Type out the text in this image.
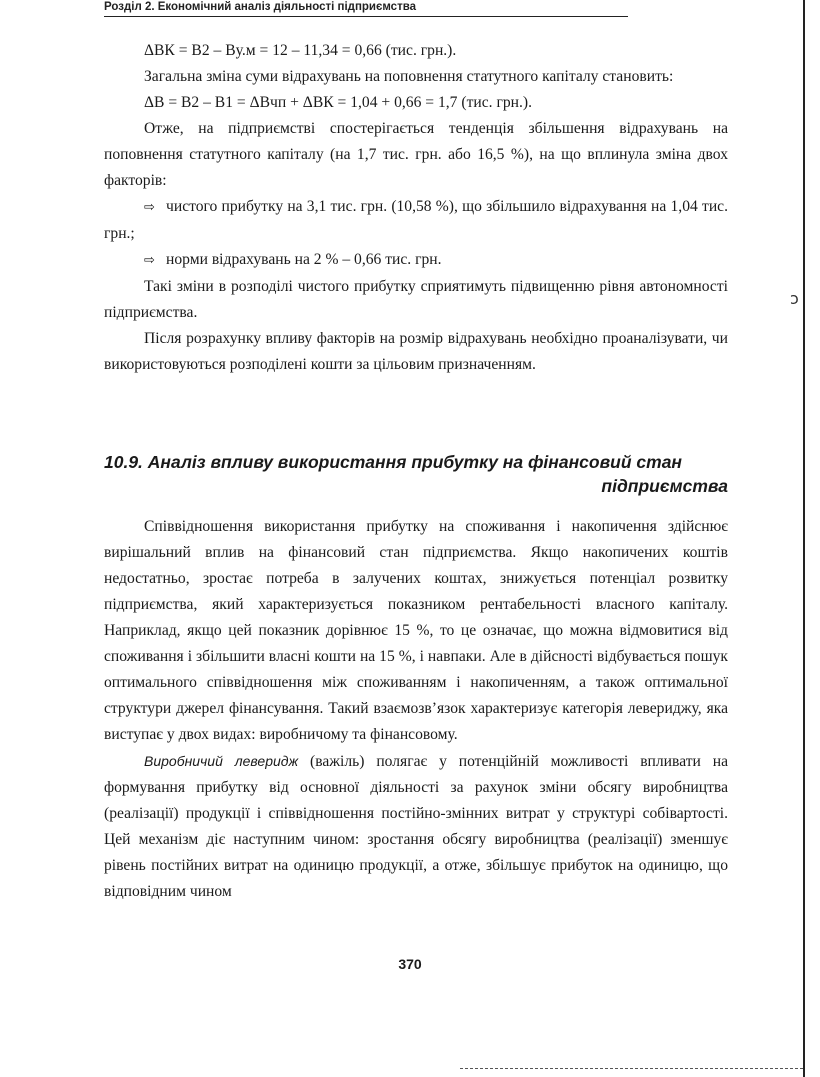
Розділ 2. Економічний аналіз діяльності підприємства
ↄ

ΔBК = B2 – Bу.м = 12 – 11,34 = 0,66 (тис. грн.).

Загальна зміна суми відрахувань на поповнення статутного капіталу становить:

ΔB = B2 – B1 = ΔBчп + ΔBК = 1,04 + 0,66 = 1,7 (тис. грн.).

Отже, на підприємстві спостерігається тенденція збільшення відрахувань на поповнення статутного капіталу (на 1,7 тис. грн. або 16,5 %), на що вплинула зміна двох факторів:

⇨ чистого прибутку на 3,1 тис. грн. (10,58 %), що збільшило відрахування на 1,04 тис. грн.;

⇨ норми відрахувань на 2 % – 0,66 тис. грн.

Такі зміни в розподілі чистого прибутку сприятимуть підвищенню рівня автономності підприємства.

Після розрахунку впливу факторів на розмір відрахувань необхідно проаналізувати, чи використовуються розподілені кошти за цільовим призначенням.

10.9. Аналіз впливу використання прибутку на фінансовий стан
підприємства

Співвідношення використання прибутку на споживання і накопичення здійснює вирішальний вплив на фінансовий стан підприємства. Якщо накопичених коштів недостатньо, зростає потреба в залучених коштах, знижується потенціал розвитку підприємства, який характеризується показником рентабельності власного капіталу. Наприклад, якщо цей показник дорівнює 15 %, то це означає, що можна відмовитися від споживання і збільшити власні кошти на 15 %, і навпаки. Але в дійсності відбувається пошук оптимального співвідношення між споживанням і накопиченням, а також оптимальної структури джерел фінансування. Такий взаємозв’язок характеризує категорія левериджу, яка виступає у двох видах: виробничому та фінансовому.

Виробничий леверидж (важіль) полягає у потенційній можливості впливати на формування прибутку від основної діяльності за рахунок зміни обсягу виробництва (реалізації) продукції і співвідношення постійно-змінних витрат у структурі собівартості. Цей механізм діє наступним чином: зростання обсягу виробництва (реалізації) зменшує рівень постійних витрат на одиницю продукції, а отже, збільшує прибуток на одиницю, що відповідним чином

370
